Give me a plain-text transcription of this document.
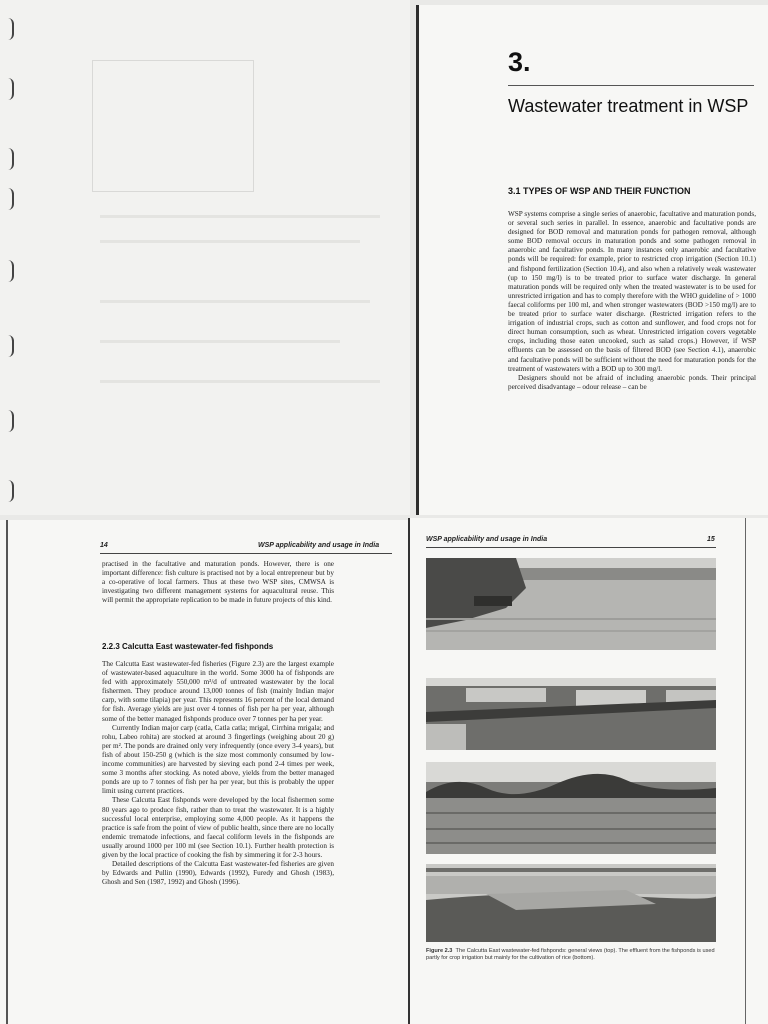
3.
Wastewater treatment in WSP
3.1 TYPES OF WSP AND THEIR FUNCTION

WSP systems comprise a single series of anaerobic, facultative and maturation ponds, or several such series in parallel. In essence, anaerobic and facultative ponds are designed for BOD removal and maturation ponds for pathogen removal, although some BOD removal occurs in maturation ponds and some pathogen removal in anaerobic and facultative ponds. In many instances only anaerobic and facultative ponds will be required: for example, prior to restricted crop irrigation (Section 10.1) and fishpond fertilization (Section 10.4), and also when a relatively weak wastewater (up to 150 mg/l) is to be treated prior to surface water discharge. In general maturation ponds will be required only when the treated wastewater is to be used for unrestricted irrigation and has to comply therefore with the WHO guideline of > 1000 faecal coliforms per 100 ml, and when stronger wastewaters (BOD >150 mg/l) are to be treated prior to surface water discharge. (Restricted irrigation refers to the irrigation of industrial crops, such as cotton and sunflower, and food crops not for direct human consumption, such as wheat. Unrestricted irrigation covers vegetable crops, including those eaten uncooked, such as salad crops.) However, if WSP effluents can be assessed on the basis of filtered BOD (see Section 4.1), anaerobic and facultative ponds will be sufficient without the need for maturation ponds for the treatment of wastewaters with a BOD up to 300 mg/l.

Designers should not be afraid of including anaerobic ponds. Their principal perceived disadvantage – odour release – can be

14	WSP applicability and usage in India

practised in the facultative and maturation ponds. However, there is one important difference: fish culture is practised not by a local entrepreneur but by a co-operative of local farmers. Thus at these two WSP sites, CMWSA is investigating two different management systems for aquacultural reuse. This will permit the appropriate replication to be made in future projects of this kind.

2.2.3 Calcutta East wastewater-fed fishponds

The Calcutta East wastewater-fed fisheries (Figure 2.3) are the largest example of wastewater-based aquaculture in the world. Some 3000 ha of fishponds are fed with approximately 550,000 m³/d of untreated wastewater by the local fishermen. They produce around 13,000 tonnes of fish (mainly Indian major carp, with some tilapia) per year. This represents 16 percent of the local demand for fish. Average yields are just over 4 tonnes of fish per ha per year, although some of the better managed fishponds produce over 7 tonnes per ha per year.

Currently Indian major carp (catla, Catla catla; mrigal, Cirrhina mrigala; and rohu, Labeo rohita) are stocked at around 3 fingerlings (weighing about 20 g) per m². The ponds are drained only very infrequently (once every 3-4 years), but fish of about 150-250 g (which is the size most commonly consumed by low-income communities) are harvested by sieving each pond 2-4 times per week, some 3 months after stocking. As noted above, yields from the better managed ponds are up to 7 tonnes of fish per ha per year, but this is probably the upper limit using current practices.

These Calcutta East fishponds were developed by the local fishermen some 80 years ago to produce fish, rather than to treat the wastewater. It is a highly successful local enterprise, employing some 4,000 people. As it happens the practice is safe from the point of view of public health, since there are no locally endemic trematode infections, and faecal coliform levels in the fishponds are usually around 1000 per 100 ml (see Section 10.1). Further health protection is given by the local practice of cooking the fish by simmering it for 2-3 hours.

Detailed descriptions of the Calcutta East wastewater-fed fisheries are given by Edwards and Pullin (1990), Edwards (1992), Furedy and Ghosh (1983), Ghosh and Sen (1987, 1992) and Ghosh (1996).

WSP applicability and usage in India	15
Figure 2.3 The Calcutta East wastewater-fed fishponds: general views (top). The effluent from the fishponds is used partly for crop irrigation but mainly for the cultivation of rice (bottom).
